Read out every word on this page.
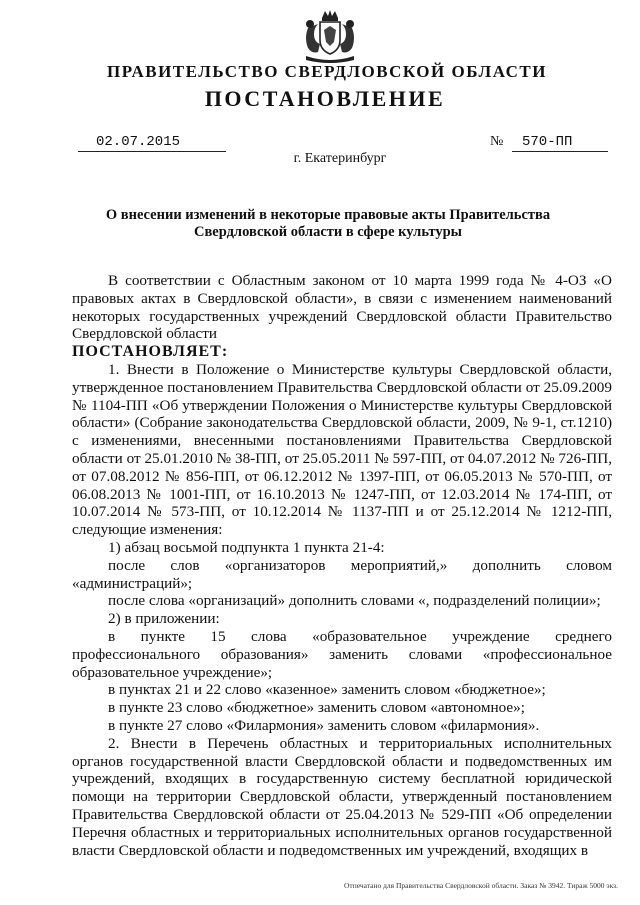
ПРАВИТЕЛЬСТВО СВЕРДЛОВСКОЙ ОБЛАСТИ
ПОСТАНОВЛЕНИЕ
02.07.2015	№	570-ПП
г. Екатеринбург
О внесении изменений в некоторые правовые акты Правительства Свердловской области в сфере культуры

В соответствии с Областным законом от 10 марта 1999 года № 4-ОЗ «О правовых актах в Свердловской области», в связи с изменением наименований некоторых государственных учреждений Свердловской области Правительство Свердловской области

ПОСТАНОВЛЯЕТ:

1. Внести в Положение о Министерстве культуры Свердловской области, утвержденное постановлением Правительства Свердловской области от 25.09.2009 № 1104-ПП «Об утверждении Положения о Министерстве культуры Свердловской области» (Собрание законодательства Свердловской области, 2009, № 9-1, ст.1210) с изменениями, внесенными постановлениями Правительства Свердловской области от 25.01.2010 № 38-ПП, от 25.05.2011 № 597-ПП, от 04.07.2012 № 726-ПП, от 07.08.2012 № 856-ПП, от 06.12.2012 № 1397-ПП, от 06.05.2013 № 570-ПП, от 06.08.2013 № 1001-ПП, от 16.10.2013 № 1247-ПП, от 12.03.2014 № 174-ПП, от 10.07.2014 № 573-ПП, от 10.12.2014 № 1137-ПП и от 25.12.2014 № 1212-ПП, следующие изменения:

1) абзац восьмой подпункта 1 пункта 21-4:

после слов «организаторов мероприятий,» дополнить словом «администраций»;

после слова «организаций» дополнить словами «, подразделений полиции»;

2) в приложении:

в пункте 15 слова «образовательное учреждение среднего профессионального образования» заменить словами «профессиональное образовательное учреждение»;

в пунктах 21 и 22 слово «казенное» заменить словом «бюджетное»;

в пункте 23 слово «бюджетное» заменить словом «автономное»;

в пункте 27 слово «Филармония» заменить словом «филармония».

2. Внести в Перечень областных и территориальных исполнительных органов государственной власти Свердловской области и подведомственных им учреждений, входящих в государственную систему бесплатной юридической помощи на территории Свердловской области, утвержденный постановлением Правительства Свердловской области от 25.04.2013 № 529-ПП «Об определении Перечня областных и территориальных исполнительных органов государственной власти Свердловской области и подведомственных им учреждений, входящих в

Отпечатано для Правительства Свердловской области. Заказ № 3942. Тираж 5000 экз.
